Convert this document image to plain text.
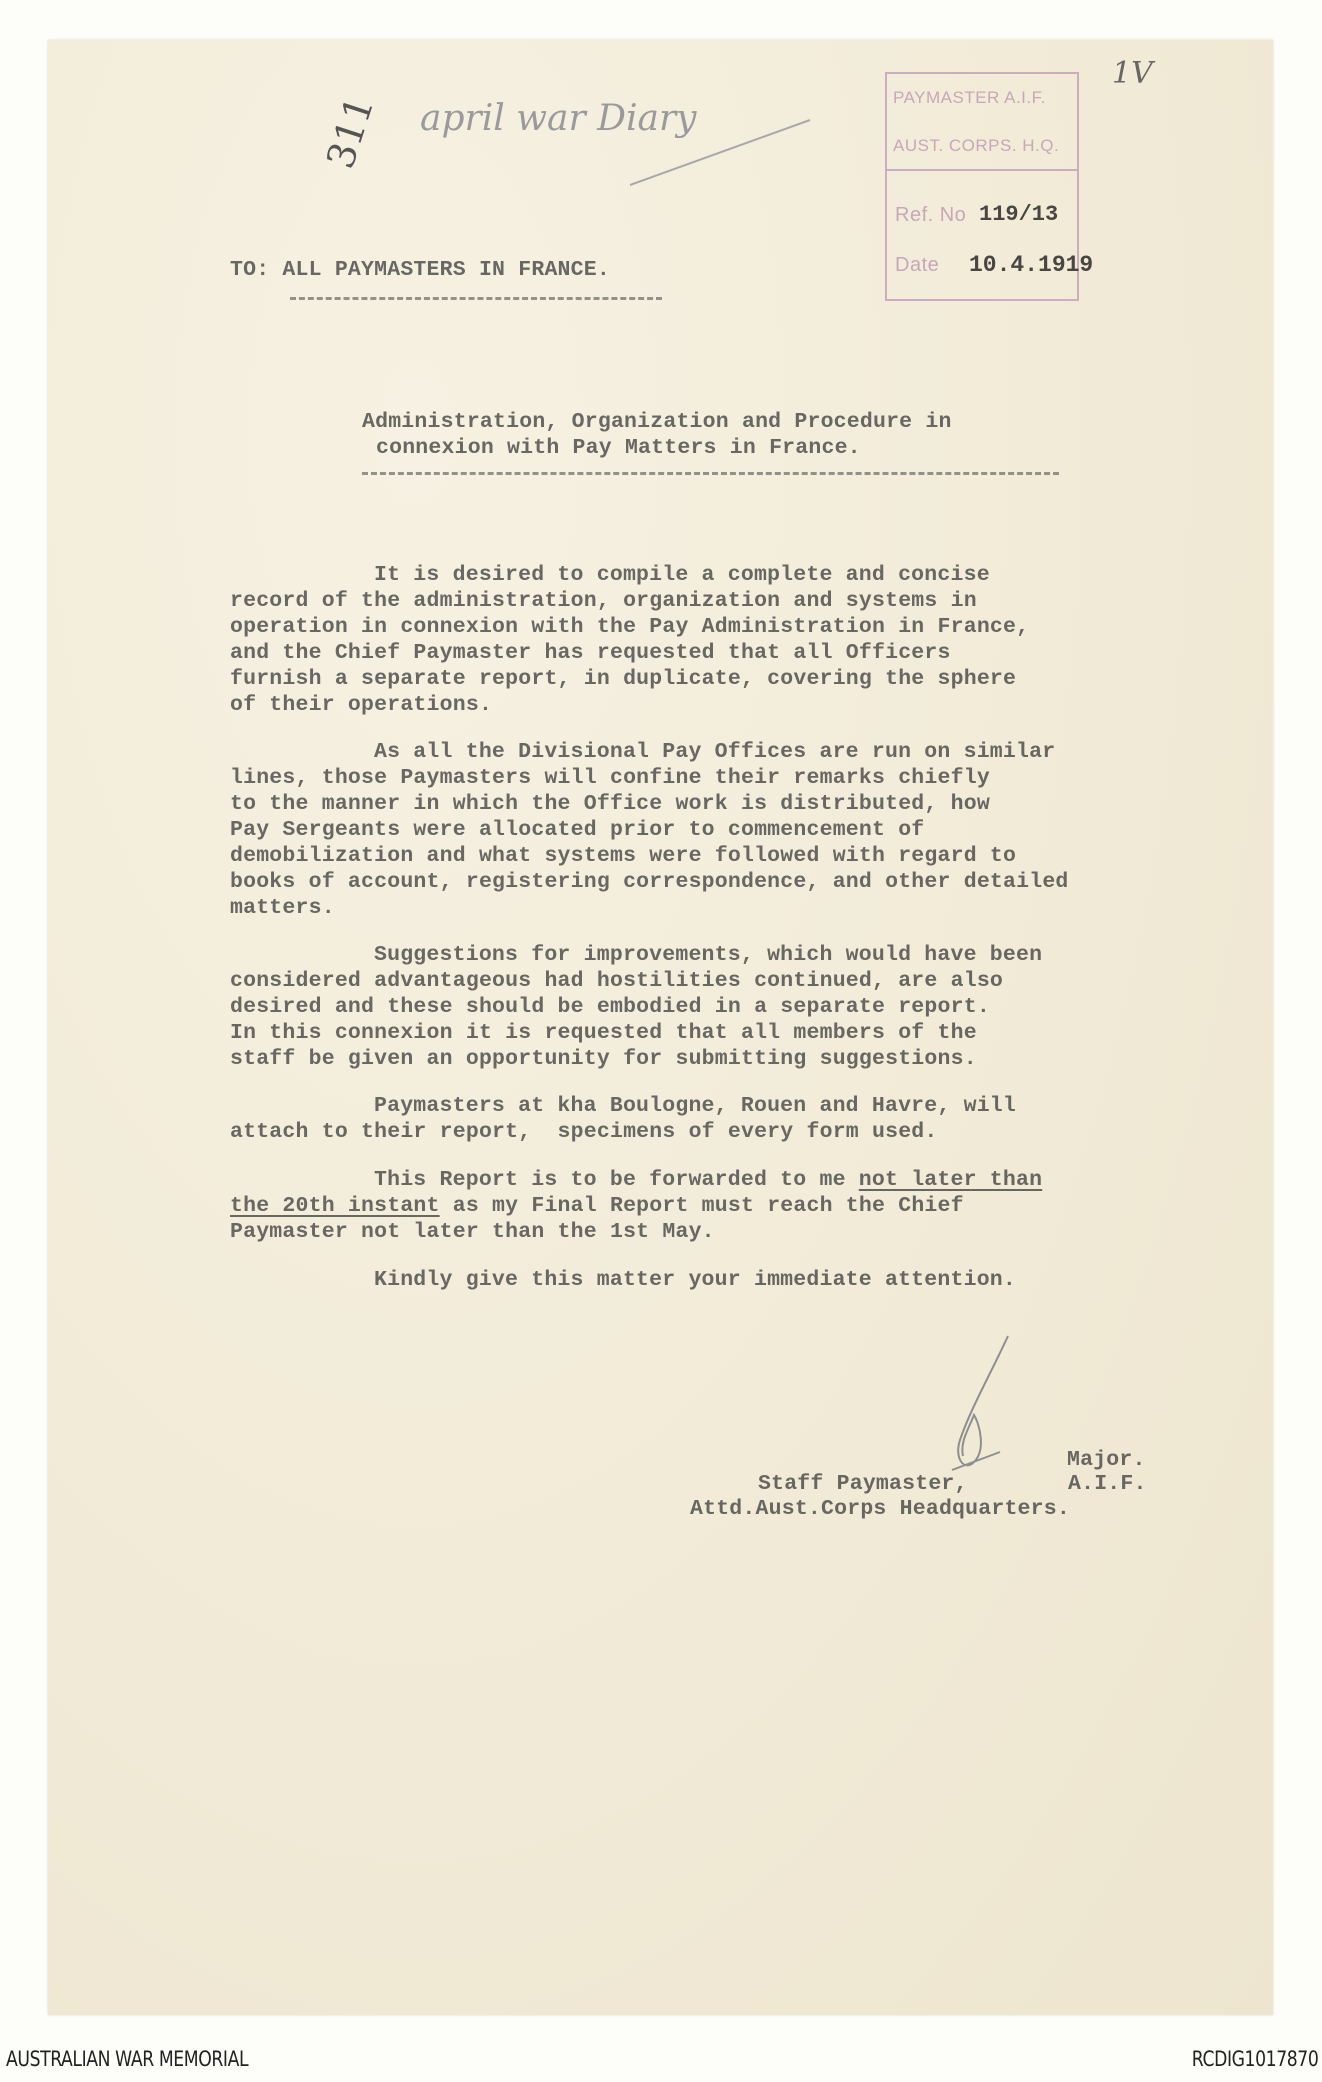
311 april war Diary
1V
PAYMASTER A.I.F.
AUST. CORPS. H.Q.
Ref. No 119/13
Date 10.4.1919
TO: ALL PAYMASTERS IN FRANCE.
Administration, Organization and Procedure in
connexion with Pay Matters in France.
It is desired to compile a complete and concise
record of the administration, organization and systems in
operation in connexion with the Pay Administration in France,
and the Chief Paymaster has requested that all Officers
furnish a separate report, in duplicate, covering the sphere
of their operations.
As all the Divisional Pay Offices are run on similar
lines, those Paymasters will confine their remarks chiefly
to the manner in which the Office work is distributed, how
Pay Sergeants were allocated prior to commencement of
demobilization and what systems were followed with regard to
books of account, registering correspondence, and other detailed
matters.
Suggestions for improvements, which would have been
considered advantageous had hostilities continued, are also
desired and these should be embodied in a separate report.
In this connexion it is requested that all members of the
staff be given an opportunity for submitting suggestions.
Paymasters at kha Boulogne, Rouen and Havre, will
attach to their report,  specimens of every form used.
This Report is to be forwarded to me not later than
the 20th instant as my Final Report must reach the Chief
Paymaster not later than the 1st May.
Kindly give this matter your immediate attention.
Major.
Staff Paymaster,	A.I.F.
Attd.Aust.Corps Headquarters.
AUSTRALIAN WAR MEMORIAL	RCDIG1017870
